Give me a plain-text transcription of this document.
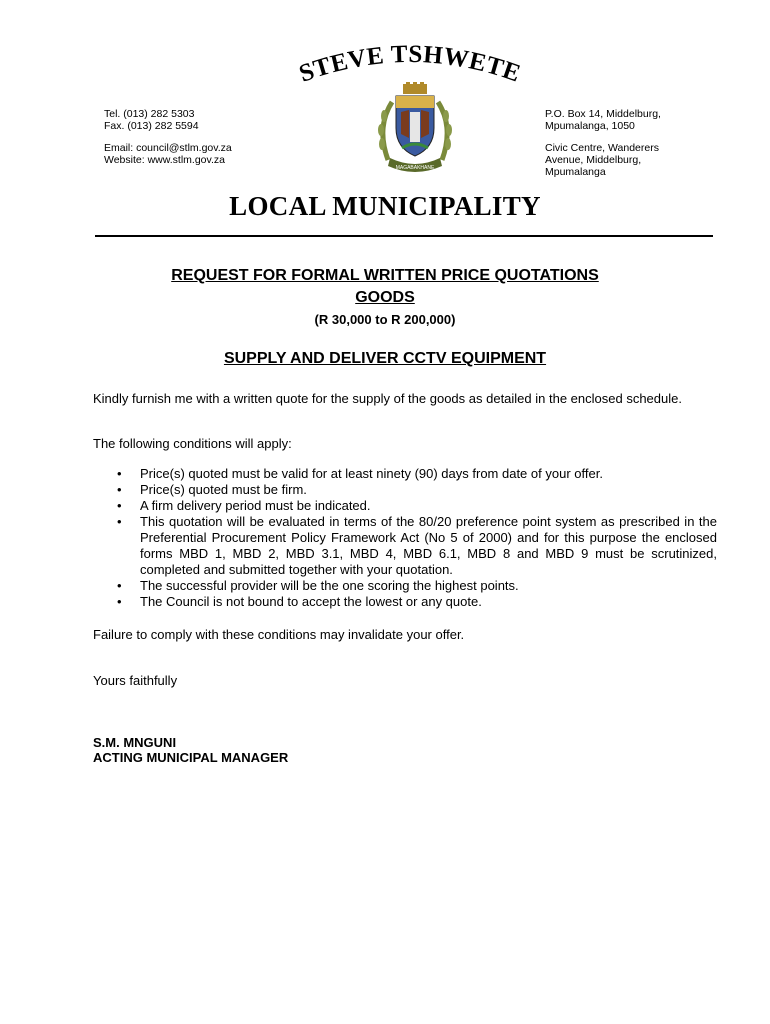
STEVE TSHWETE
MAGABAKHANE
Tel. (013) 282 5303
Fax. (013) 282 5594
Email: council@stlm.gov.za
Website: www.stlm.gov.za
P.O. Box 14, Middelburg,
Mpumalanga, 1050
Civic Centre, Wanderers
Avenue, Middelburg,
Mpumalanga
LOCAL MUNICIPALITY
REQUEST FOR FORMAL WRITTEN PRICE QUOTATIONS
GOODS
(R 30,000 to R 200,000)
SUPPLY AND DELIVER CCTV EQUIPMENT
Kindly furnish me with a written quote for the supply of the goods as detailed in the enclosed schedule.
The following conditions will apply:
• Price(s) quoted must be valid for at least ninety (90) days from date of your offer.
• Price(s) quoted must be firm.
• A firm delivery period must be indicated.
• This quotation will be evaluated in terms of the 80/20 preference point system as prescribed in the Preferential Procurement Policy Framework Act (No 5 of 2000) and for this purpose the enclosed forms MBD 1, MBD 2, MBD 3.1, MBD 4, MBD 6.1, MBD 8 and MBD 9 must be scrutinized, completed and submitted together with your quotation.
• The successful provider will be the one scoring the highest points.
• The Council is not bound to accept the lowest or any quote.
Failure to comply with these conditions may invalidate your offer.
Yours faithfully
S.M. MNGUNI
ACTING MUNICIPAL MANAGER
